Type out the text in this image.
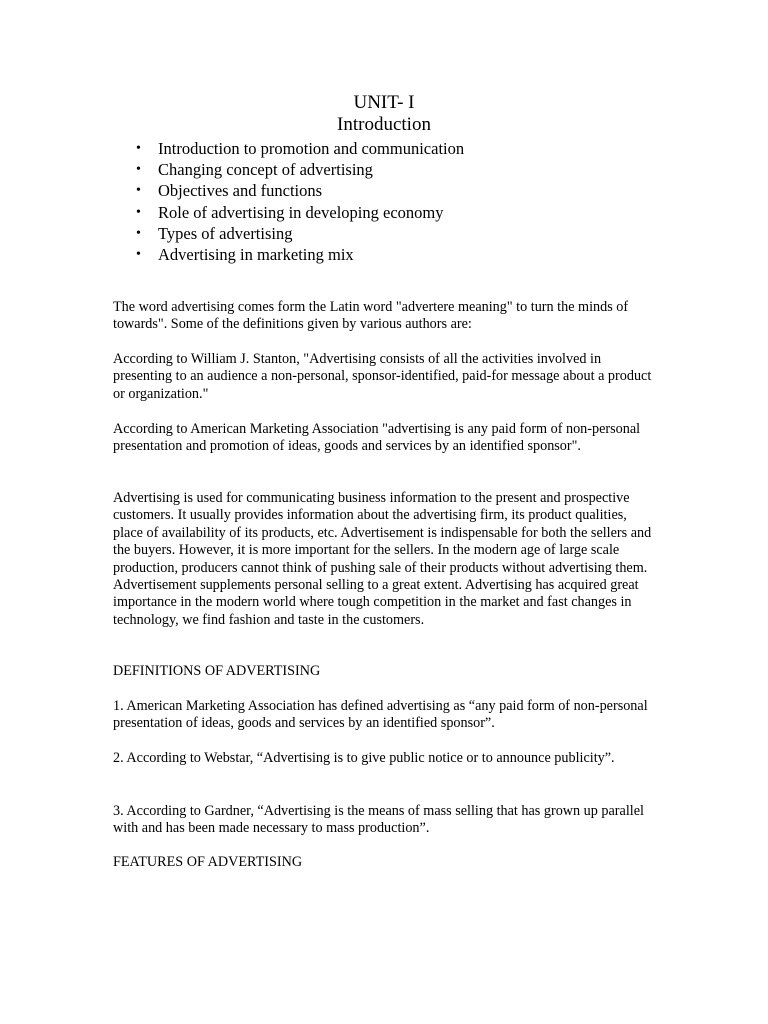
UNIT- I
Introduction
• Introduction to promotion and communication
• Changing concept of advertising
• Objectives and functions
• Role of advertising in developing economy
• Types of advertising
• Advertising in marketing mix

The word advertising comes form the Latin word "advertere meaning" to turn the minds of towards". Some of the definitions given by various authors are:

According to William J. Stanton, "Advertising consists of all the activities involved in presenting to an audience a non-personal, sponsor-identified, paid-for message about a product or organization."

According to American Marketing Association "advertising is any paid form of non-personal presentation and promotion of ideas, goods and services by an identified sponsor".

Advertising is used for communicating business information to the present and prospective customers. It usually provides information about the advertising firm, its product qualities, place of availability of its products, etc. Advertisement is indispensable for both the sellers and the buyers. However, it is more important for the sellers. In the modern age of large scale production, producers cannot think of pushing sale of their products without advertising them. Advertisement supplements personal selling to a great extent. Advertising has acquired great importance in the modern world where tough competition in the market and fast changes in technology, we find fashion and taste in the customers.

DEFINITIONS OF ADVERTISING

1. American Marketing Association has defined advertising as “any paid form of non-personal presentation of ideas, goods and services by an identified sponsor”.

2. According to Webstar, “Advertising is to give public notice or to announce publicity”.

3. According to Gardner, “Advertising is the means of mass selling that has grown up parallel with and has been made necessary to mass production”.

FEATURES OF ADVERTISING
